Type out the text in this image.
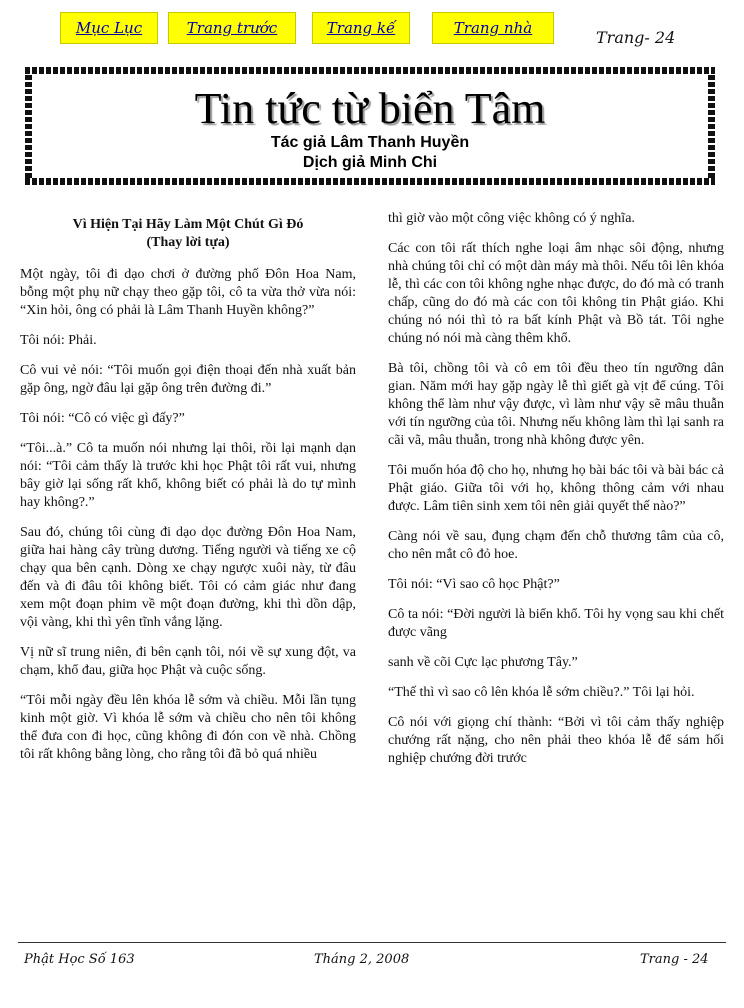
Mục Lục	Trang trước	Trang kế	Trang nhà	Trang- 24
Tin tức từ biển Tâm
Tác giả Lâm Thanh Huyền
Dịch giả Minh Chi
Vì Hiện Tại Hãy Làm Một Chút Gì Đó
(Thay lời tựa)

Một ngày, tôi đi dạo chơi ở đường phố Đôn Hoa Nam, bỗng một phụ nữ chạy theo gặp tôi, cô ta vừa thở vừa nói: “Xin hỏi, ông có phải là Lâm Thanh Huyền không?”

Tôi nói: Phải.

Cô vui vẻ nói: “Tôi muốn gọi điện thoại đến nhà xuất bản gặp ông, ngờ đâu lại gặp ông trên đường đi.”

Tôi nói: “Cô có việc gì đấy?”

“Tôi...à.” Cô ta muốn nói nhưng lại thôi, rồi lại mạnh dạn nói: “Tôi cảm thấy là trước khi học Phật tôi rất vui, nhưng bây giờ lại sống rất khổ, không biết có phải là do tự mình hay không?.”

Sau đó, chúng tôi cùng đi dạo dọc đường Đôn Hoa Nam, giữa hai hàng cây trùng dương. Tiếng người và tiếng xe cộ chạy qua bên cạnh. Dòng xe chạy ngược xuôi này, từ đâu đến và đi đâu tôi không biết. Tôi có cảm giác như đang xem một đoạn phim về một đoạn đường, khi thì dồn dập, vội vàng, khi thì yên tĩnh vắng lặng.

Vị nữ sĩ trung niên, đi bên cạnh tôi, nói về sự xung đột, va chạm, khổ đau, giữa học Phật và cuộc sống.

“Tôi mỗi ngày đều lên khóa lễ sớm và chiều. Mỗi lần tụng kinh một giờ. Vì khóa lễ sớm và chiều cho nên tôi không thể đưa con đi học, cũng không đi đón con về nhà. Chồng tôi rất không bằng lòng, cho rằng tôi đã bỏ quá nhiều

thì giờ vào một công việc không có ý nghĩa.

Các con tôi rất thích nghe loại âm nhạc sôi động, nhưng nhà chúng tôi chỉ có một dàn máy mà thôi. Nếu tôi lên khóa lễ, thì các con tôi không nghe nhạc được, do đó mà có tranh chấp, cũng do đó mà các con tôi không tin Phật giáo. Khi chúng nó nói thì tỏ ra bất kính Phật và Bồ tát. Tôi nghe chúng nó nói mà càng thêm khổ.

Bà tôi, chồng tôi và cô em tôi đều theo tín ngưỡng dân gian. Năm mới hay gặp ngày lễ thì giết gà vịt để cúng. Tôi không thể làm như vậy được, vì làm như vậy sẽ mâu thuẫn với tín ngưỡng của tôi. Nhưng nếu không làm thì lại sanh ra cãi vã, mâu thuẫn, trong nhà không được yên.

Tôi muốn hóa độ cho họ, nhưng họ bài bác tôi và bài bác cả Phật giáo. Giữa tôi với họ, không thông cảm với nhau được. Lâm tiên sinh xem tôi nên giải quyết thế nào?”

Càng nói về sau, đụng chạm đến chỗ thương tâm của cô, cho nên mắt cô đỏ hoe.

Tôi nói: “Vì sao cô học Phật?”

Cô ta nói: “Đời người là biển khổ. Tôi hy vọng sau khi chết được vãng

sanh về cõi Cực lạc phương Tây.”

“Thế thì vì sao cô lên khóa lễ sớm chiều?.” Tôi lại hỏi.

Cô nói với giọng chí thành: “Bởi vì tôi cảm thấy nghiệp chướng rất nặng, cho nên phải theo khóa lễ để sám hối nghiệp chướng đời trước

Phật Học Số 163	Tháng 2, 2008	Trang - 24
